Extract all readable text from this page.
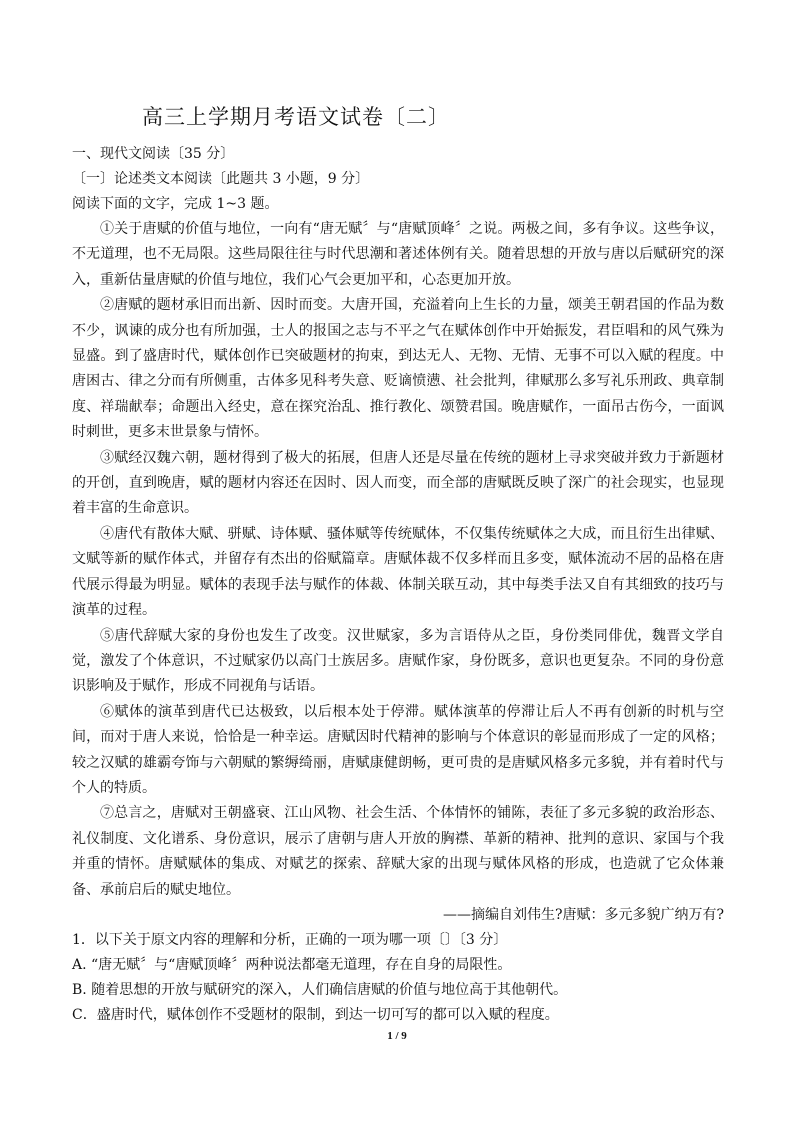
高三上学期月考语文试卷〔二〕
一、现代文阅读〔35 分〕
〔一〕论述类文本阅读〔此题共 3 小题，9 分〕
阅读下面的文字，完成 1~3 题。

①关于唐赋的价值与地位，一向有“唐无赋〞与“唐赋顶峰〞之说。两极之间，多有争议。这些争议，不无道理，也不无局限。这些局限往往与时代思潮和著述体例有关。随着思想的开放与唐以后赋研究的深入，重新估量唐赋的价值与地位，我们心气会更加平和，心态更加开放。

②唐赋的题材承旧而出新、因时而变。大唐开国，充溢着向上生长的力量，颂美王朝君国的作品为数不少，讽谏的成分也有所加强，士人的报国之志与不平之气在赋体创作中开始振发，君臣唱和的风气殊为显盛。到了盛唐时代，赋体创作已突破题材的拘束，到达无人、无物、无情、无事不可以入赋的程度。中唐困古、律之分而有所侧重，古体多见科考失意、贬谪愤懑、社会批判，律赋那么多写礼乐刑政、典章制度、祥瑞献奉；命题出入经史，意在探究治乱、推行教化、颂赞君国。晚唐赋作，一面吊古伤今，一面讽时刺世，更多末世景象与情怀。

③赋经汉魏六朝，题材得到了极大的拓展，但唐人还是尽量在传统的题材上寻求突破并致力于新题材的开创，直到晚唐，赋的题材内容还在因时、因人而变，而全部的唐赋既反映了深广的社会现实，也显现着丰富的生命意识。

④唐代有散体大赋、骈赋、诗体赋、骚体赋等传统赋体，不仅集传统赋体之大成，而且衍生出律赋、文赋等新的赋作体式，并留存有杰出的俗赋篇章。唐赋体裁不仅多样而且多变，赋体流动不居的品格在唐代展示得最为明显。赋体的表现手法与赋作的体裁、体制关联互动，其中每类手法又自有其细致的技巧与演革的过程。

⑤唐代辞赋大家的身份也发生了改变。汉世赋家，多为言语侍从之臣，身份类同俳优，魏晋文学自觉，激发了个体意识，不过赋家仍以高门士族居多。唐赋作家，身份既多，意识也更复杂。不同的身份意识影响及于赋作，形成不同视角与话语。

⑥赋体的演革到唐代已达极致，以后根本处于停滞。赋体演革的停滞让后人不再有创新的时机与空间，而对于唐人来说，恰恰是一种幸运。唐赋因时代精神的影响与个体意识的彰显而形成了一定的风格；较之汉赋的雄霸夸饰与六朝赋的繁缛绮丽，唐赋康健朗畅，更可贵的是唐赋风格多元多貌，并有着时代与个人的特质。

⑦总言之，唐赋对王朝盛衰、江山风物、社会生活、个体情怀的铺陈，表征了多元多貌的政治形态、礼仪制度、文化谱系、身份意识，展示了唐朝与唐人开放的胸襟、革新的精神、批判的意识、家国与个我并重的情怀。唐赋赋体的集成、对赋艺的探索、辞赋大家的出现与赋体风格的形成，也造就了它众体兼备、承前启后的赋史地位。

——摘编自刘伟生?唐赋：多元多貌广纳万有?
1．以下关于原文内容的理解和分析，正确的一项为哪一项〔〕〔3 分〕
A. “唐无赋〞与“唐赋顶峰〞两种说法都毫无道理，存在自身的局限性。
B. 随着思想的开放与赋研究的深入，人们确信唐赋的价值与地位高于其他朝代。
C．盛唐时代，赋体创作不受题材的限制，到达一切可写的都可以入赋的程度。
1 / 9
